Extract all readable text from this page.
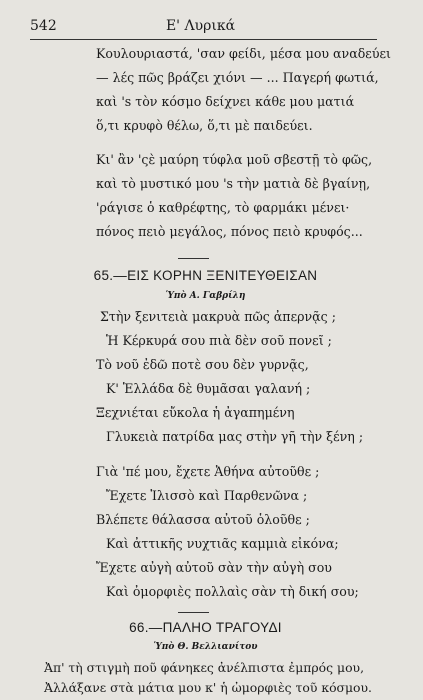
542	Ε' Λυρικά
Κουλουριαστά, 'σαν φείδι, μέσα μου αναδεύει
— λές πῶς βράζει χιόνι — ... Παγερή φωτιά,
καὶ 's τὸν κόσμο δείχνει κάθε μου ματιά
ὅ,τι κρυφὸ θέλω, ὅ,τι μὲ παιδεύει.
Κι' ἂν 'ςὲ μαύρη τύφλα μοῦ σβεστῇ τὸ φῶς,
καὶ τὸ μυστικό μου 's τὴν ματιὰ δὲ βγαίνῃ,
'ράγισε ὁ καθρέφτης, τὸ φαρμάκι μένει·
πόνος πειὸ μεγάλος, πόνος πειὸ κρυφός...
65.—ΕΙΣ ΚΟΡΗΝ ΞΕΝΙΤΕΥΘΕΙΣΑΝ
Ὑπὸ Α. Γαβρίλη
Στὴν ξενιτειὰ μακρυὰ πῶς ἀπερνᾷς ;
Ἡ Κέρκυρά σου πιὰ δὲν σοῦ πονεῖ ;
Τὸ νοῦ ἐδῶ ποτὲ σου δὲν γυρνᾷς,
Κ' Ἑλλάδα δὲ θυμᾶσαι γαλανή ;
Ξεχνιέται εὔκολα ἡ ἀγαπημένη
Γλυκειὰ πατρίδα μας στὴν γῆ τὴν ξένη ;
Γιὰ 'πέ μου, ἔχετε Ἀθήνα αὐτοῦθε ;
Ἔχετε Ἰλισσὸ καὶ Παρθενῶνα ;
Βλέπετε θάλασσα αὐτοῦ ὁλοῦθε ;
Καὶ ἀττικῆς νυχτιᾶς καμμιὰ εἰκόνα;
Ἔχετε αὐγὴ αὐτοῦ σὰν τὴν αὐγὴ σου
Καὶ ὀμορφιὲς πολλαὶς σὰν τὴ δική σου;
66.—ΠΑΛΗΟ ΤΡΑΓΟΥΔΙ
Ὑπὸ Θ. Βελλιανίτου
Ἀπ' τὴ στιγμὴ ποῦ φάνηκες ἀνέλπιστα ἐμπρός μου,
Ἀλλάξανε στὰ μάτια μου κ' ἡ ὠμορφιὲς τοῦ κόσμου.
